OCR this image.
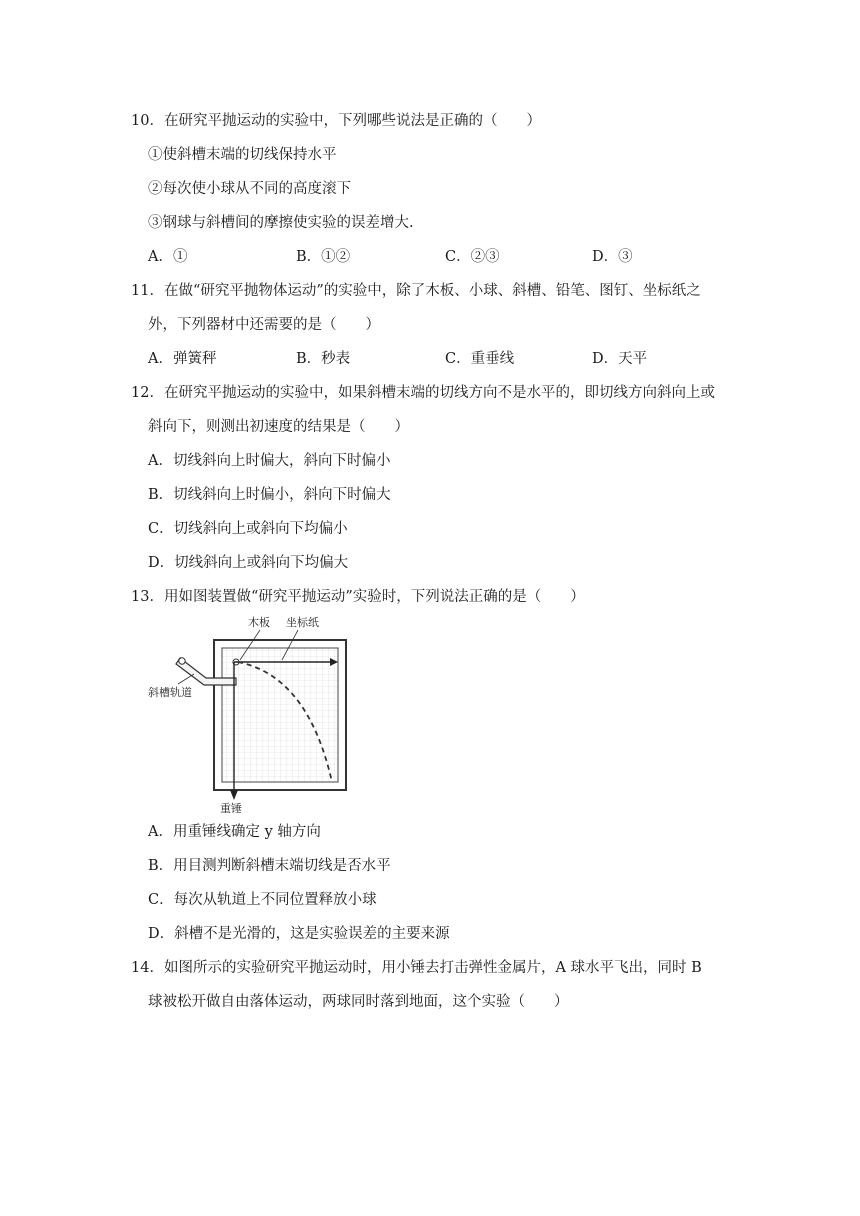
10．在研究平抛运动的实验中，下列哪些说法是正确的（　　）
①使斜槽末端的切线保持水平
②每次使小球从不同的高度滚下
③钢球与斜槽间的摩擦使实验的误差增大.
A．①	B．①②	C．②③	D．③
11．在做“研究平抛物体运动”的实验中，除了木板、小球、斜槽、铅笔、图钉、坐标纸之
外，下列器材中还需要的是（　　）
A．弹簧秤	B．秒表	C．重垂线	D．天平
12．在研究平抛运动的实验中，如果斜槽末端的切线方向不是水平的，即切线方向斜向上或
斜向下，则测出初速度的结果是（　　）
A．切线斜向上时偏大，斜向下时偏小
B．切线斜向上时偏小，斜向下时偏大
C．切线斜向上或斜向下均偏小
D．切线斜向上或斜向下均偏大
13．用如图装置做“研究平抛运动”实验时，下列说法正确的是（　　）
木板 坐标纸
斜槽轨道
重锤
A．用重锤线确定 y 轴方向
B．用目测判断斜槽末端切线是否水平
C．每次从轨道上不同位置释放小球
D．斜槽不是光滑的，这是实验误差的主要来源
14．如图所示的实验研究平抛运动时，用小锤去打击弹性金属片，A 球水平飞出，同时 B
球被松开做自由落体运动，两球同时落到地面，这个实验（　　）
